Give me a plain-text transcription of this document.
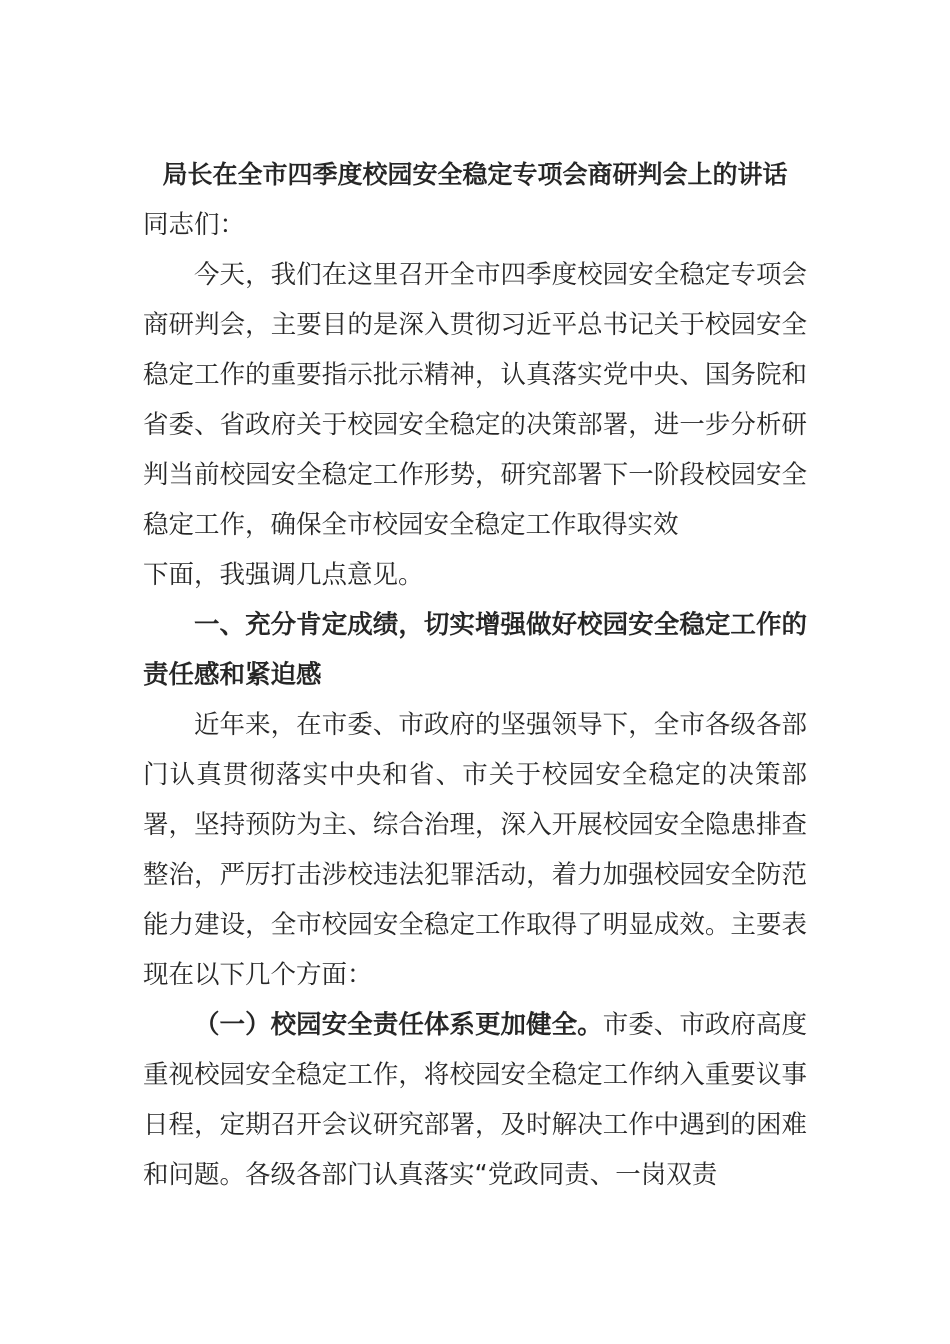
局长在全市四季度校园安全稳定专项会商研判会上的讲话

同志们：

今天，我们在这里召开全市四季度校园安全稳定专项会商研判会，主要目的是深入贯彻习近平总书记关于校园安全稳定工作的重要指示批示精神，认真落实党中央、国务院和省委、省政府关于校园安全稳定的决策部署，进一步分析研判当前校园安全稳定工作形势，研究部署下一阶段校园安全稳定工作，确保全市校园安全稳定工作取得实效

下面，我强调几点意见。

一、充分肯定成绩，切实增强做好校园安全稳定工作的责任感和紧迫感

近年来，在市委、市政府的坚强领导下，全市各级各部门认真贯彻落实中央和省、市关于校园安全稳定的决策部署，坚持预防为主、综合治理，深入开展校园安全隐患排查整治，严厉打击涉校违法犯罪活动，着力加强校园安全防范能力建设，全市校园安全稳定工作取得了明显成效。主要表现在以下几个方面：

（一）校园安全责任体系更加健全。市委、市政府高度重视校园安全稳定工作，将校园安全稳定工作纳入重要议事日程，定期召开会议研究部署，及时解决工作中遇到的困难和问题。各级各部门认真落实“党政同责、一岗双责
